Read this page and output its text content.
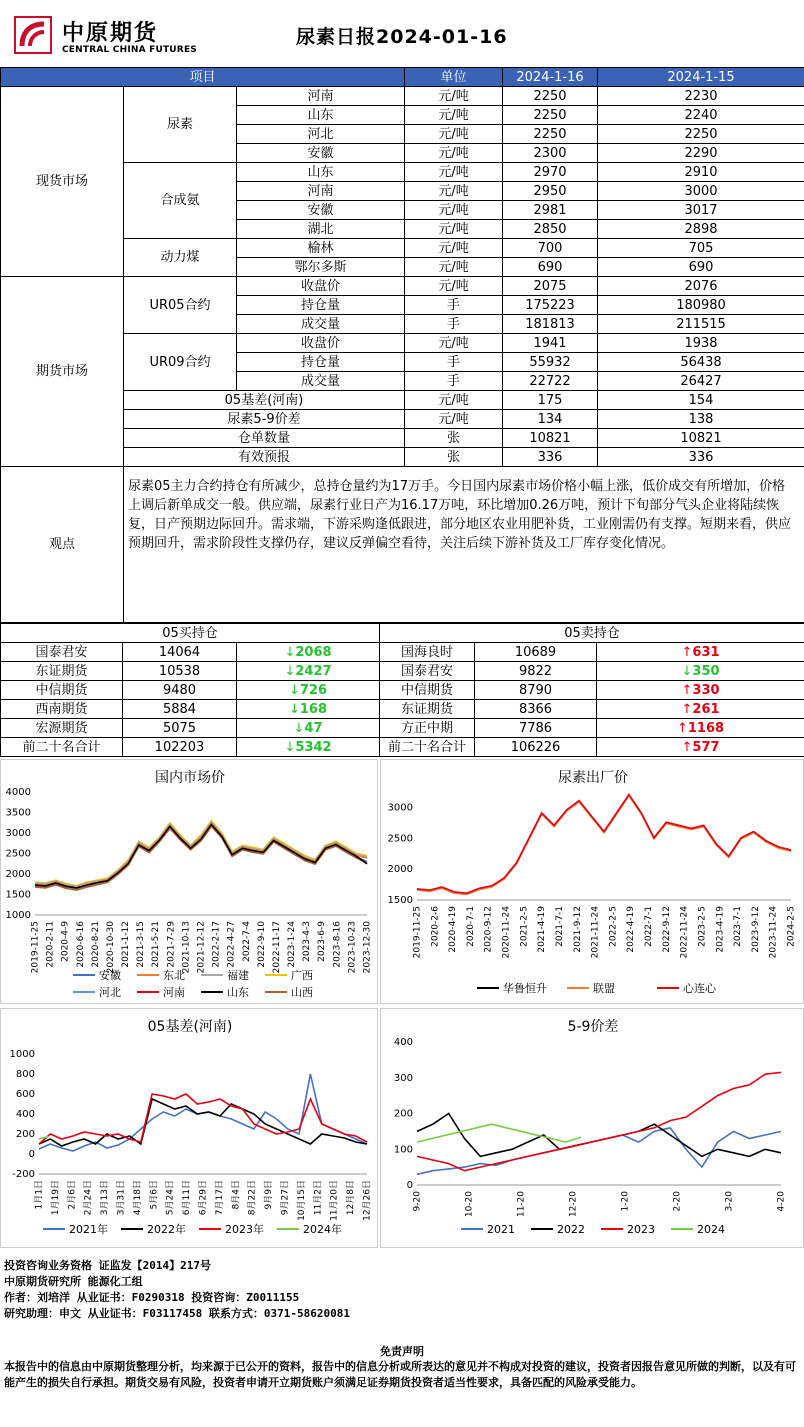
中原期货
CENTRAL CHINA FUTURES
尿素日报2024-01-16
项目			单位	2024-1-16	2024-1-15	
现货市场	尿素	河南	元/吨	2250	2230	
		山东	元/吨	2250	2240	
		河北	元/吨	2250	2250	
		安徽	元/吨	2300	2290	
	合成氨	山东	元/吨	2970	2910	
		河南	元/吨	2950	3000	
		安徽	元/吨	2981	3017	
		湖北	元/吨	2850	2898	
	动力煤	榆林	元/吨	700	705	
		鄂尔多斯	元/吨	690	690	
期货市场	UR05合约	收盘价	元/吨	2075	2076	
		持仓量	手	175223	180980	
		成交量	手	181813	211515	
	UR09合约	收盘价	元/吨	1941	1938	
		持仓量	手	55932	56438	
		成交量	手	22722	26427	
	05基差(河南)		元/吨	175	154	
	尿素5-9价差		元/吨	134	138	
	仓单数量		张	10821	10821	
	有效预报		张	336	336	
观点	尿素05主力合约持仓有所减少，总持仓量约为17万手。今日国内尿素市场价格小幅上涨，低价成交有所增加，价格上调后新单成交一般。供应端，尿素行业日产为16.17万吨，环比增加0.26万吨，预计下旬部分气头企业将陆续恢复，日产预期边际回升。需求端，下游采购逢低跟进，部分地区农业用肥补货，工业刚需仍有支撑。短期来看，供应预期回升，需求阶段性支撑仍存，建议反弹偏空看待，关注后续下游补货及工厂库存变化情况。					
05买持仓			05卖持仓		
国泰君安	14064	↓2068	国海良时	10689	↑631
东证期货	10538	↓2427	国泰君安	9822	↓350
中信期货	9480	↓726	中信期货	8790	↑330
西南期货	5884	↓168	东证期货	8366	↑261
宏源期货	5075	↓47	方正中期	7786	↑1168
前二十名合计	102203	↓5342	前二十名合计	106226	↑577
国内市场价
1000
1500
2000
2500
3000
3500
4000
2019-11-25 2020-2-11 2020-4-9 2020-6-16 2020-8-21 2020-10-30 2021-1-12 2021-3-15 2021-5-21 2021-7-29 2021-10-13 2021-12-12 2022-2-17 2022-4-27 2022-7-4 2022-9-10 2022-11-17 2023-1-24 2023-4-3 2023-6-9 2023-8-16 2023-10-23 2023-12-30
安徽	东北	福建	广西
河北	河南	山东	山西
尿素出厂价
1500
2000
2500
3000
2019-11-25 2020-2-6 2020-4-19 2020-7-1 2020-9-12 2020-11-24 2021-2-5 2021-4-19 2021-7-1 2021-9-12 2021-11-24 2022-2-5 2022-4-19 2022-7-1 2022-9-12 2022-11-24 2023-2-5 2023-4-19 2023-7-1 2023-9-12 2023-11-24 2024-2-5
华鲁恒升	联盟	心连心
05基差(河南)
-200
0
200
400
600
800
1000
1月1日 1月19日 2月6日 2月24日 3月13日 3月31日 4月18日 5月6日 5月24日 6月11日 6月29日 7月17日 8月4日 8月22日 9月9日 9月27日 10月15日 11月2日 11月20日 12月8日 12月26日
2021年	2022年	2023年	2024年
5-9价差
0
100
200
300
400
9-20	10-20	11-20	12-20	1-20	2-20	3-20	4-20
2021	2022	2023	2024
投资咨询业务资格 证监发【2014】217号
中原期货研究所 能源化工组
作者：刘培洋 从业证书：F0290318 投资咨询：Z0011155
研究助理：申文 从业证书：F03117458 联系方式：0371-58620081
免责声明
本报告中的信息由中原期货整理分析，均来源于已公开的资料，报告中的信息分析或所表达的意见并不构成对投资的建议，投资者因报告意见所做的判断，以及有可能产生的损失自行承担。期货交易有风险，投资者申请开立期货账户须满足证券期货投资者适当性要求，具备匹配的风险承受能力。
